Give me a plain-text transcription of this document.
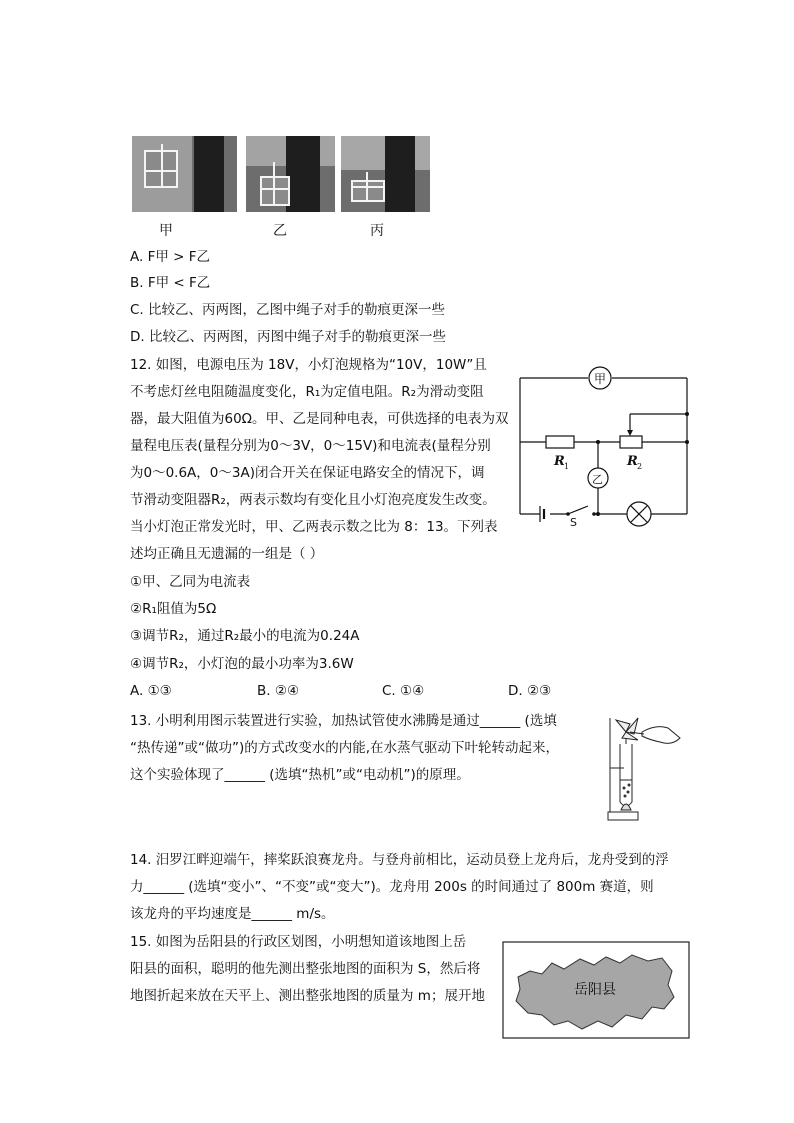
甲	乙	丙
A. F甲 > F乙
B. F甲 < F乙
C. 比较乙、丙两图，乙图中绳子对手的勒痕更深一些
D. 比较乙、丙两图，丙图中绳子对手的勒痕更深一些
12. 如图，电源电压为 18V，小灯泡规格为“10V，10W”且
不考虑灯丝电阻随温度变化，R₁为定值电阻。R₂为滑动变阻
器，最大阻值为60Ω。甲、乙是同种电表，可供选择的电表为双
量程电压表(量程分别为0～3V，0～15V)和电流表(量程分别
为0～0.6A，0～3A)闭合开关在保证电路安全的情况下，调
节滑动变阻器R₂，两表示数均有变化且小灯泡亮度发生改变。
当小灯泡正常发光时，甲、乙两表示数之比为 8：13。下列表
述均正确且无遗漏的一组是（ ）
①甲、乙同为电流表
②R₁阻值为5Ω
③调节R₂，通过R₂最小的电流为0.24A
④调节R₂，小灯泡的最小功率为3.6W
A. ①③	B. ②④	C. ①④	D. ②③
甲
乙
R 1	R 2
S
13. 小明利用图示装置进行实验，加热试管使水沸腾是通过______ (选填
“热传递”或“做功”)的方式改变水的内能,在水蒸气驱动下叶轮转动起来，
这个实验体现了______ (选填“热机”或“电动机”)的原理。
14. 汨罗江畔迎端午，摔桨跃浪赛龙舟。与登舟前相比，运动员登上龙舟后，龙舟受到的浮
力______ (选填“变小”、“不变”或“变大”)。龙舟用 200s 的时间通过了 800m 赛道，则
该龙舟的平均速度是______ m/s。
15. 如图为岳阳县的行政区划图，小明想知道该地图上岳
阳县的面积，聪明的他先测出整张地图的面积为 S，然后将
地图折起来放在天平上、测出整张地图的质量为 m；展开地	岳阳县
